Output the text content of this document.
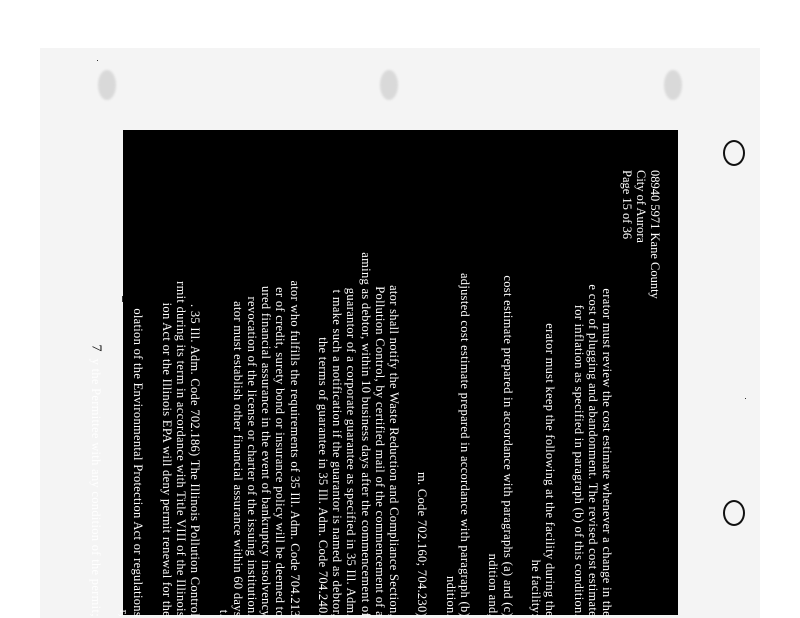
7
08940 5971 Kane County
City of Aurora
Page 15 of 36
erator must review the cost estimate whenever a change in the
e cost of plugging and abandonment. The revised cost estimate
for inflation as specified in paragraph (b) of this condition.
erator must keep the following at the facility during the
he facility:
cost estimate prepared in accordance with paragraphs (a) and (c)
ndition and,
adjusted cost estimate prepared in accordance with paragraph (b)
ndition.
m. Code 702.160; 704.230)
ator shall notify the Waste Reduction and Compliance Section,
Pollution Control, by certified mail of the commencement of a
aming as debtor, within 10 business days after the commencement of
guarantor of a corporate guarantee as specified in 35 Ill. Adm.
t make such a notification if the guarantor is named as debtor,
the terms of guarantee in 35 Ill. Adm. Code 704.240.
ator who fulfills the requirements of 35 Ill. Adm. Code 704.213
er of credit, surety bond or insurance policy will be deemed to
ured financial assurance in the event of bankruptcy insolvency
revocation of the license or charter of the issuing institution.
ator must establish other financial assurance within 60 days
t.
. 35 Ill. Adm. Code 702.186) The Illinois Pollution Control
rmit during its term in accordance with Title VIII of the Illinois
ion Act or the Illinois EPA will deny permit renewal for the
olation of the Environmental Protection Act or regulations
r,
y the Permittee with any condition of the permit;
